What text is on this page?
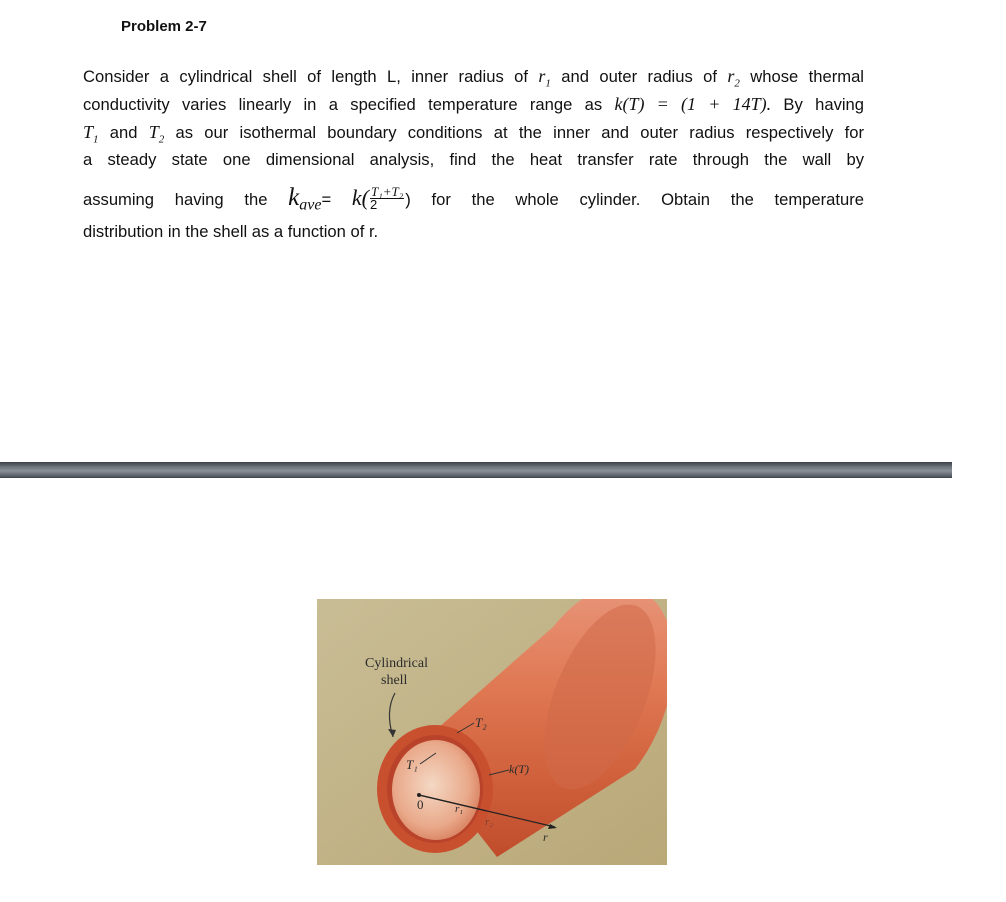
Problem 2-7
Consider a cylindrical shell of length L, inner radius of $r_1$ and outer radius of $r_2$ whose thermal
conductivity varies linearly in a specified temperature range as k(T) = (1 + 14T). By having
$T_1$ and $T_2$ as our isothermal boundary conditions at the inner and outer radius respectively for
a steady state one dimensional analysis, find the heat transfer rate through the wall by
assuming having the $k_{ave}= k( \frac{\text{T₁+T₂}}{2}$ ) for the whole cylinder. Obtain the temperature
distribution in the shell as a function of r.
Cylindrical
shell
T₂
T₁
0	r₁
r₂
k(T)
r
